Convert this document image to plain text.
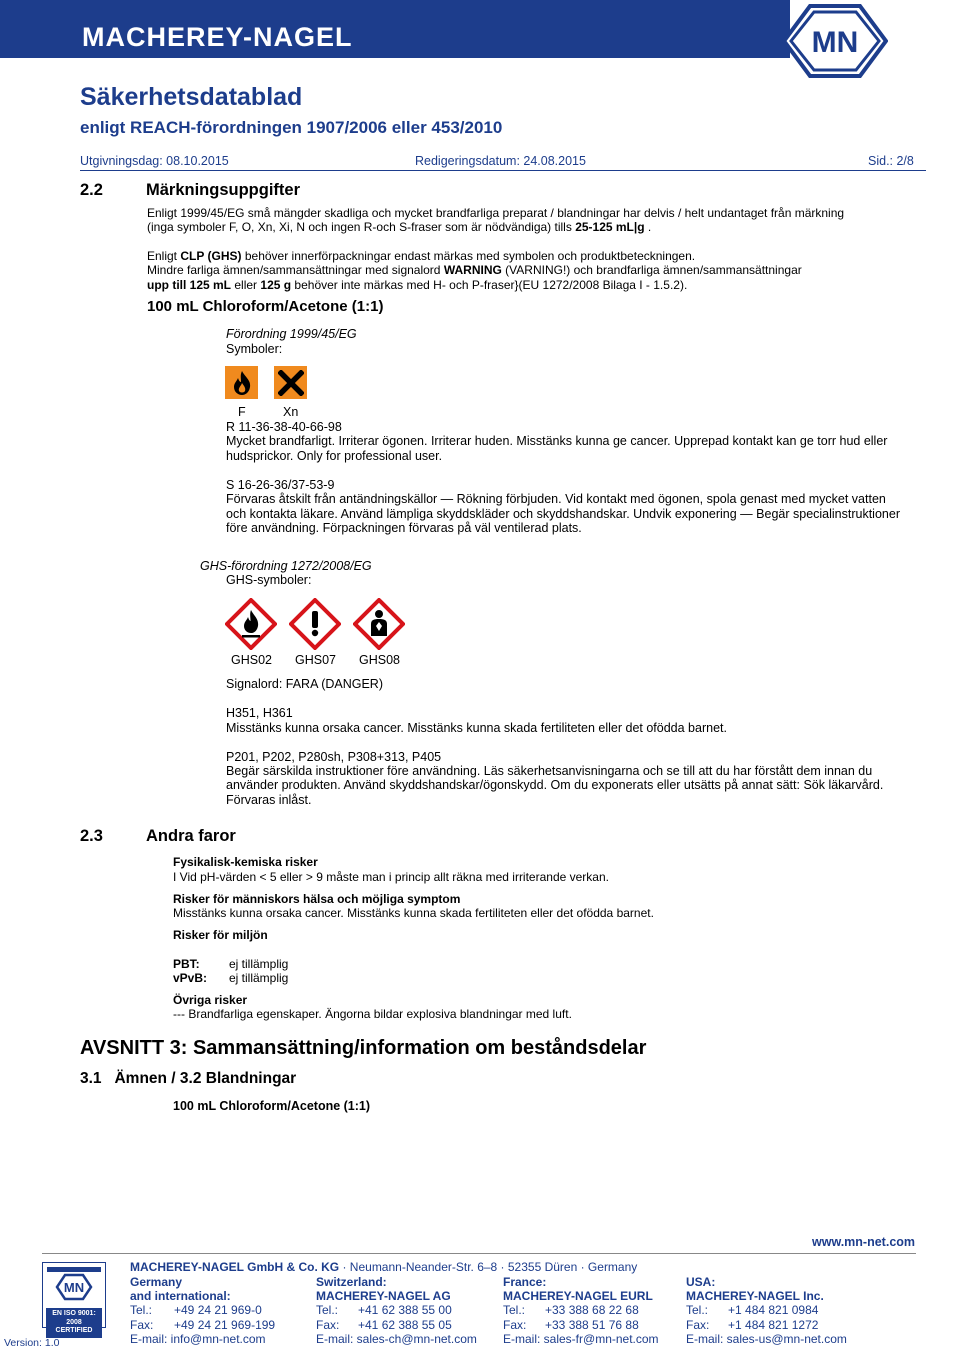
MACHEREY-NAGEL	MN
Säkerhetsdatablad
enligt REACH-förordningen 1907/2006 eller 453/2010
Utgivningsdag: 08.10.2015	Redigeringsdatum: 24.08.2015	Sid.: 2/8
2.2	Märkningsuppgifter
Enligt 1999/45/EG små mängder skadliga och mycket brandfarliga preparat / blandningar har delvis / helt undantaget från märkning
(inga symboler F, O, Xn, Xi, N och ingen R-och S-fraser som är nödvändiga) tills 25-125 mL|g .
Enligt CLP (GHS) behöver innerförpackningar endast märkas med symbolen och produktbeteckningen.
Mindre farliga ämnen/sammansättningar med signalord WARNING (VARNING!) och brandfarliga ämnen/sammansättningar
upp till 125 mL eller 125 g behöver inte märkas med H- och P-fraser}(EU 1272/2008 Bilaga I - 1.5.2).
100 mL Chloroform/Acetone (1:1)
Förordning 1999/45/EG
Symboler:
F	Xn
R 11-36-38-40-66-98
Mycket brandfarligt. Irriterar ögonen. Irriterar huden. Misstänks kunna ge cancer. Upprepad kontakt kan ge torr hud eller
hudsprickor. Only for professional user.
S 16-26-36/37-53-9
Förvaras åtskilt från antändningskällor — Rökning förbjuden. Vid kontakt med ögonen, spola genast med mycket vatten
och kontakta läkare. Använd lämpliga skyddskläder och skyddshandskar. Undvik exponering — Begär specialinstruktioner
före användning. Förpackningen förvaras på väl ventilerad plats.
GHS-förordning 1272/2008/EG
GHS-symboler:
GHS02 GHS07 GHS08
Signalord: FARA (DANGER)
H351, H361
Misstänks kunna orsaka cancer. Misstänks kunna skada fertiliteten eller det ofödda barnet.
P201, P202, P280sh, P308+313, P405
Begär särskilda instruktioner före användning. Läs säkerhetsanvisningarna och se till att du har förstått dem innan du
använder produkten. Använd skyddshandskar/ögonskydd. Om du exponerats eller utsätts på annat sätt: Sök läkarvård.
Förvaras inlåst.
2.3	Andra faror
Fysikalisk-kemiska risker
I Vid pH-värden < 5 eller > 9 måste man i princip allt räkna med irriterande verkan.
Risker för människors hälsa och möjliga symptom
Misstänks kunna orsaka cancer. Misstänks kunna skada fertiliteten eller det ofödda barnet.
Risker för miljön
PBT: ej tillämplig
vPvB: ej tillämplig
Övriga risker
--- Brandfarliga egenskaper. Ängorna bildar explosiva blandningar med luft.
AVSNITT 3: Sammansättning/information om beståndsdelar
3.1   Ämnen / 3.2 Blandningar
100 mL Chloroform/Acetone (1:1)
www.mn-net.com
MN
EN ISO 9001: 2008
CERTIFIED
Version: 1.0
MACHEREY-NAGEL GmbH & Co. KG · Neumann-Neander-Str. 6–8 · 52355 Düren · Germany
Germany
and international:
Tel.: +49 24 21 969-0
Fax: +49 24 21 969-199
E-mail: info@mn-net.com
Switzerland:
MACHEREY-NAGEL AG
Tel.: +41 62 388 55 00
Fax: +41 62 388 55 05
E-mail: sales-ch@mn-net.com
France:
MACHEREY-NAGEL EURL
Tel.: +33 388 68 22 68
Fax: +33 388 51 76 88
E-mail: sales-fr@mn-net.com
USA:
MACHEREY-NAGEL Inc.
Tel.: +1 484 821 0984
Fax: +1 484 821 1272
E-mail: sales-us@mn-net.com
